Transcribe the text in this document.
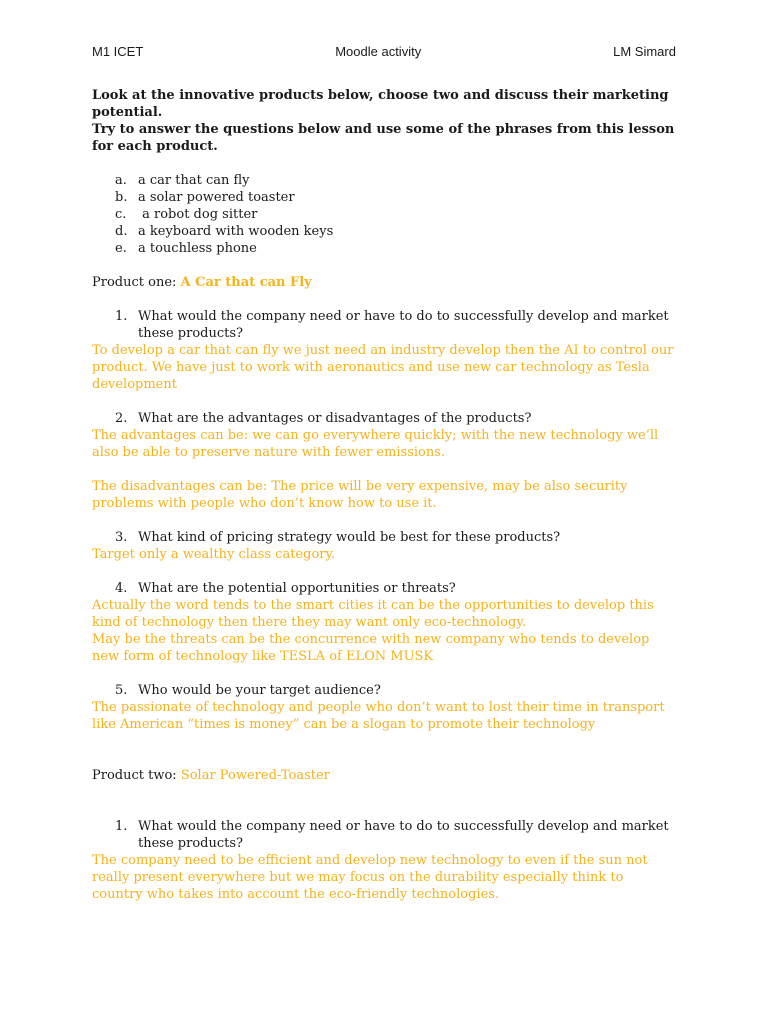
M1 ICET	Moodle activity	LM Simard

Look at the innovative products below, choose two and discuss their marketing potential.

Try to answer the questions below and use some of the phrases from this lesson for each product.

a. a car that can fly
b. a solar powered toaster
c. a robot dog sitter
d. a keyboard with wooden keys
e. a touchless phone

Product one: A Car that can Fly

1. What would the company need or have to do to successfully develop and market these products?

To develop a car that can fly we just need an industry develop then the AI to control our product. We have just to work with aeronautics and use new car technology as Tesla development

2. What are the advantages or disadvantages of the products?

The advantages can be: we can go everywhere quickly; with the new technology we’ll also be able to preserve nature with fewer emissions.

The disadvantages can be: The price will be very expensive, may be also security problems with people who don’t know how to use it.

3. What kind of pricing strategy would be best for these products?

Target only a wealthy class category.

4. What are the potential opportunities or threats?

Actually the word tends to the smart cities it can be the opportunities to develop this kind of technology then there they may want only eco-technology.

May be the threats can be the concurrence with new company who tends to develop new form of technology like TESLA of ELON MUSK

5. Who would be your target audience?

The passionate of technology and people who don’t want to lost their time in transport like American “times is money” can be a slogan to promote their technology

Product two: Solar Powered-Toaster

1. What would the company need or have to do to successfully develop and market these products?

The company need to be efficient and develop new technology to even if the sun not really present everywhere but we may focus on the durability especially think to country who takes into account the eco-friendly technologies.
